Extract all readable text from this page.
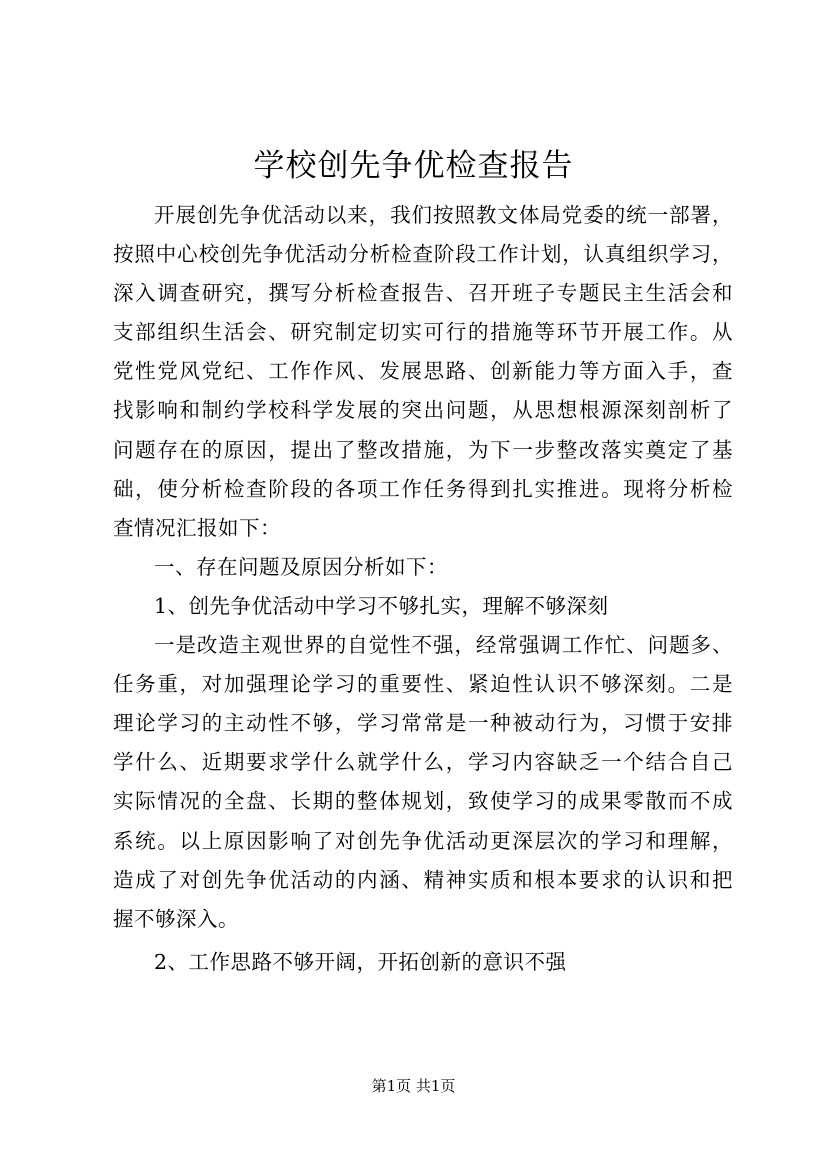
学校创先争优检查报告
开展创先争优活动以来，我们按照教文体局党委的统一部署，
按照中心校创先争优活动分析检查阶段工作计划，认真组织学习，
深入调查研究，撰写分析检查报告、召开班子专题民主生活会和
支部组织生活会、研究制定切实可行的措施等环节开展工作。从
党性党风党纪、工作作风、发展思路、创新能力等方面入手，查
找影响和制约学校科学发展的突出问题，从思想根源深刻剖析了
问题存在的原因，提出了整改措施，为下一步整改落实奠定了基
础，使分析检查阶段的各项工作任务得到扎实推进。现将分析检
查情况汇报如下：
一、存在问题及原因分析如下：
1、创先争优活动中学习不够扎实，理解不够深刻
一是改造主观世界的自觉性不强，经常强调工作忙、问题多、
任务重，对加强理论学习的重要性、紧迫性认识不够深刻。二是
理论学习的主动性不够，学习常常是一种被动行为，习惯于安排
学什么、近期要求学什么就学什么，学习内容缺乏一个结合自己
实际情况的全盘、长期的整体规划，致使学习的成果零散而不成
系统。以上原因影响了对创先争优活动更深层次的学习和理解，
造成了对创先争优活动的内涵、精神实质和根本要求的认识和把
握不够深入。
2、工作思路不够开阔，开拓创新的意识不强
第1页 共1页
